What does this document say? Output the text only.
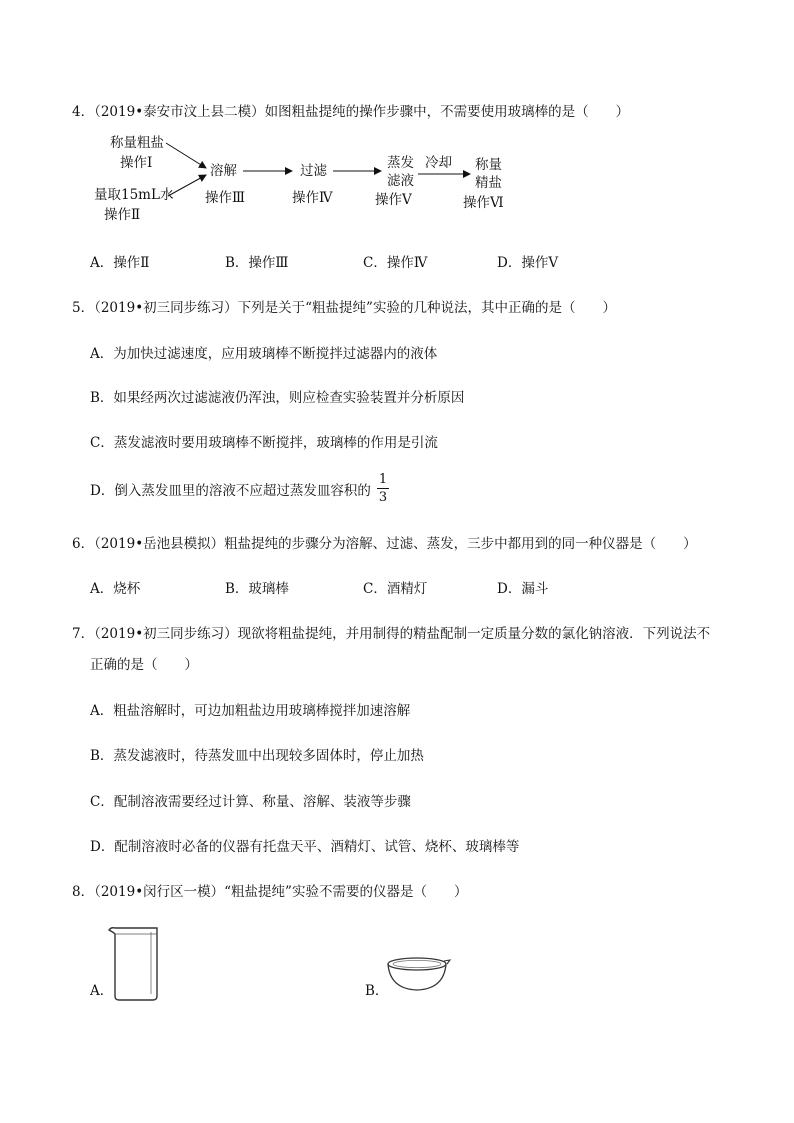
4．（2019•泰安市汶上县二模）如图粗盐提纯的操作步骤中，不需要使用玻璃棒的是（　　）
称量粗盐
操作Ⅰ
量取15mL水
操作Ⅱ
溶解
操作Ⅲ
过滤
操作Ⅳ
蒸发
滤液
操作Ⅴ
冷却 称量
精盐
操作Ⅵ
A．操作Ⅱ	B．操作Ⅲ	C．操作Ⅳ	D．操作Ⅴ
5．（2019•初三同步练习）下列是关于“粗盐提纯”实验的几种说法，其中正确的是（　　）
A．为加快过滤速度，应用玻璃棒不断搅拌过滤器内的液体
B．如果经两次过滤滤液仍浑浊，则应检查实验装置并分析原因
C．蒸发滤液时要用玻璃棒不断搅拌，玻璃棒的作用是引流
D．倒入蒸发皿里的溶液不应超过蒸发皿容积的
1
3
6．（2019•岳池县模拟）粗盐提纯的步骤分为溶解、过滤、蒸发，三步中都用到的同一种仪器是（　　）
A．烧杯	B．玻璃棒	C．酒精灯	D．漏斗
7．（2019•初三同步练习）现欲将粗盐提纯，并用制得的精盐配制一定质量分数的氯化钠溶液．下列说法不
正确的是（　　）
A．粗盐溶解时，可边加粗盐边用玻璃棒搅拌加速溶解
B．蒸发滤液时，待蒸发皿中出现较多固体时，停止加热
C．配制溶液需要经过计算、称量、溶解、装液等步骤
D．配制溶液时必备的仪器有托盘天平、酒精灯、试管、烧杯、玻璃棒等
8．（2019•闵行区一模）“粗盐提纯”实验不需要的仪器是（　　）
A．	B．
